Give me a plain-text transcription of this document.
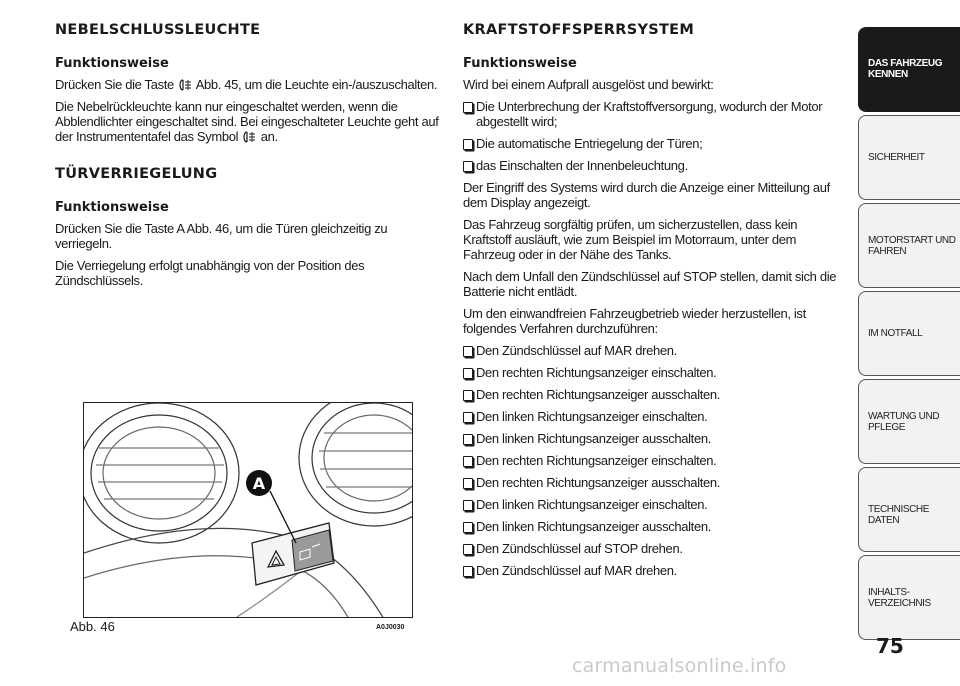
NEBELSCHLUSSLEUCHTE
Funktionsweise

Drücken Sie die Taste Abb. 45, um die Leuchte ein-/auszuschalten.

Die Nebelrückleuchte kann nur eingeschaltet werden, wenn die Abblendlichter eingeschaltet sind. Bei eingeschalteter Leuchte geht auf der Instrumententafel das Symbol an.

TÜRVERRIEGELUNG
Funktionsweise

Drücken Sie die Taste A Abb. 46, um die Türen gleichzeitig zu verriegeln.

Die Verriegelung erfolgt unabhängig von der Position des Zündschlüssels.

A
Abb. 46	A0J0030
KRAFTSTOFFSPERRSYSTEM
Funktionsweise

Wird bei einem Aufprall ausgelöst und bewirkt:

Die Unterbrechung der Kraftstoffversorgung, wodurch der Motor abgestellt wird;

Die automatische Entriegelung der Türen;

das Einschalten der Innenbeleuchtung.

Der Eingriff des Systems wird durch die Anzeige einer Mitteilung auf dem Display angezeigt.

Das Fahrzeug sorgfältig prüfen, um sicherzustellen, dass kein Kraftstoff ausläuft, wie zum Beispiel im Motorraum, unter dem Fahrzeug oder in der Nähe des Tanks.

Nach dem Unfall den Zündschlüssel auf STOP stellen, damit sich die Batterie nicht entlädt.

Um den einwandfreien Fahrzeugbetrieb wieder herzustellen, ist folgendes Verfahren durchzuführen:

Den Zündschlüssel auf MAR drehen.

Den rechten Richtungsanzeiger einschalten.

Den rechten Richtungsanzeiger ausschalten.

Den linken Richtungsanzeiger einschalten.

Den linken Richtungsanzeiger ausschalten.

Den rechten Richtungsanzeiger einschalten.

Den rechten Richtungsanzeiger ausschalten.

Den linken Richtungsanzeiger einschalten.

Den linken Richtungsanzeiger ausschalten.

Den Zündschlüssel auf STOP drehen.

Den Zündschlüssel auf MAR drehen.

DAS FAHRZEUG KENNEN
SICHERHEIT
MOTORSTART UND FAHREN
IM NOTFALL
WARTUNG UND PFLEGE
TECHNISCHE DATEN
INHALTS-VERZEICHNIS
75
carmanualsonline.info
